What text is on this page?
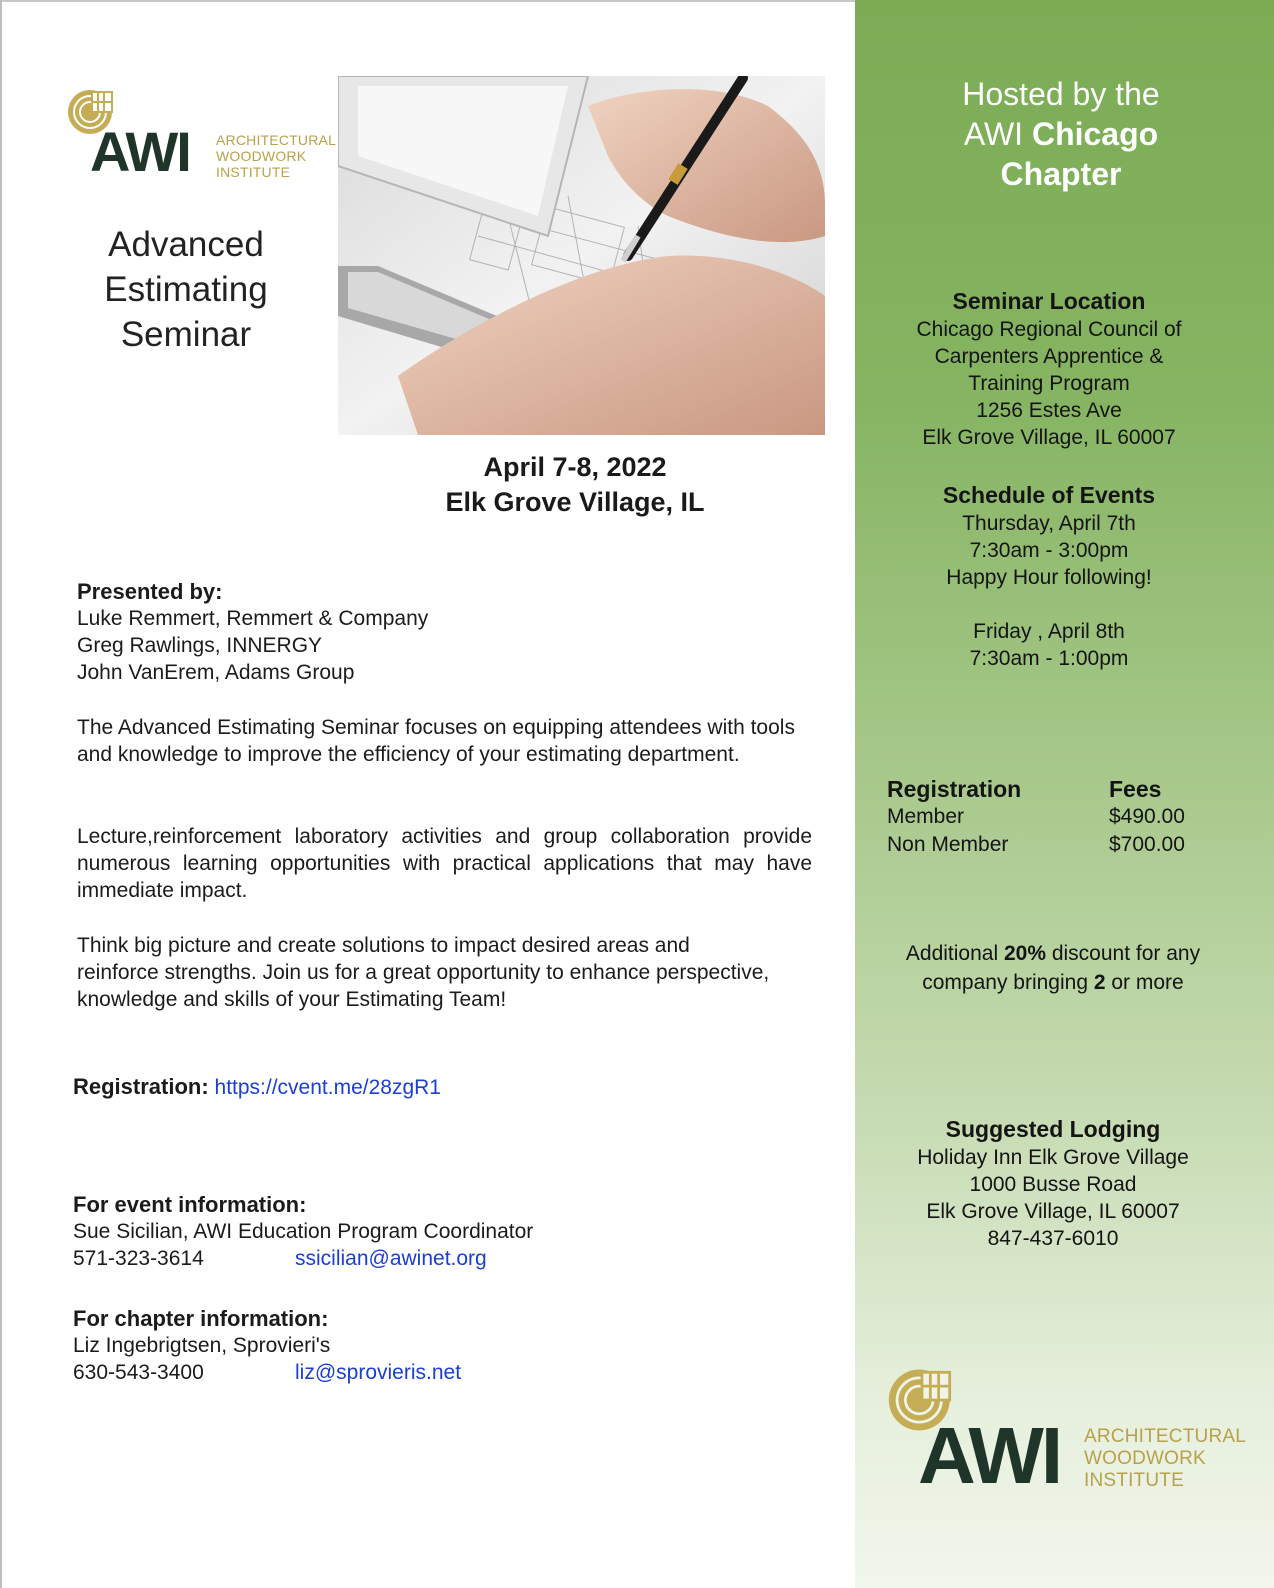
AWI ARCHITECTURAL
WOODWORK
INSTITUTE
Advanced
Estimating
Seminar
April 7-8, 2022
Elk Grove Village, IL
Presented by:
Luke Remmert, Remmert & Company
Greg Rawlings, INNERGY
John VanErem, Adams Group
The Advanced Estimating Seminar focuses on equipping attendees with tools and knowledge to improve the efficiency of your estimating department.
Lecture,reinforcement laboratory activities and group collaboration provide numerous learning opportunities with practical applications that may have immediate impact.
Think big picture and create solutions to impact desired areas and reinforce strengths. Join us for a great opportunity to enhance perspective, knowledge and skills of your Estimating Team!
Registration: https://cvent.me/28zgR1
For event information:
Sue Sicilian, AWI Education Program Coordinator
571-323-3614	ssicilian@awinet.org
For chapter information:
Liz Ingebrigtsen, Sprovieri's
630-543-3400	liz@sprovieris.net
Hosted by the
AWI Chicago
Chapter
Seminar Location
Chicago Regional Council of
Carpenters Apprentice &
Training Program
1256 Estes Ave
Elk Grove Village, IL 60007
Schedule of Events
Thursday, April 7th
7:30am - 3:00pm
Happy Hour following!
Friday , April 8th
7:30am - 1:00pm
Registration	Fees
Member	$490.00
Non Member	$700.00
Additional 20% discount for any
company bringing 2 or more
Suggested Lodging
Holiday Inn Elk Grove Village
1000 Busse Road
Elk Grove Village, IL 60007
847-437-6010
AWI ARCHITECTURAL
WOODWORK
INSTITUTE
